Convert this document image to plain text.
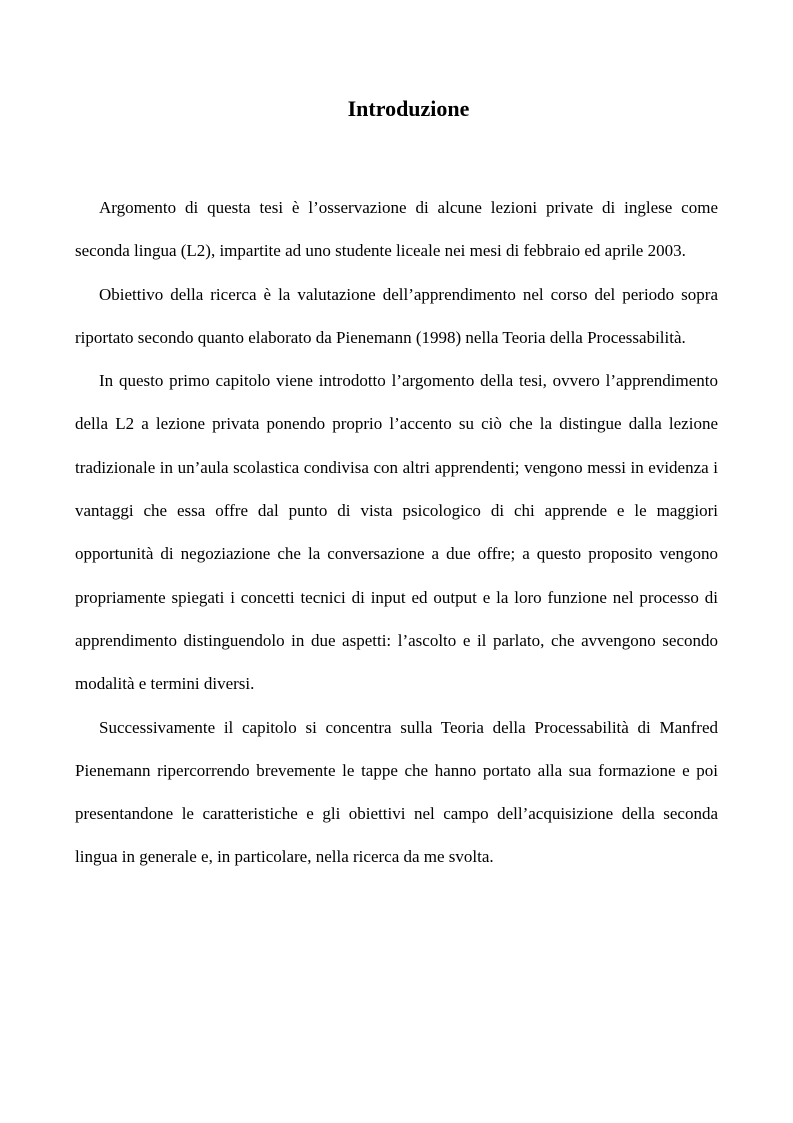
Introduzione

Argomento di questa tesi è l’osservazione di alcune lezioni private di inglese come seconda lingua (L2), impartite ad uno studente liceale nei mesi di febbraio ed aprile 2003.

Obiettivo della ricerca è la valutazione dell’apprendimento nel corso del periodo sopra riportato secondo quanto elaborato da Pienemann (1998) nella Teoria della Processabilità.

In questo primo capitolo viene introdotto l’argomento della tesi, ovvero l’apprendimento della L2 a lezione privata ponendo proprio l’accento su ciò che la distingue dalla lezione tradizionale in un’aula scolastica condivisa con altri apprendenti; vengono messi in evidenza i vantaggi che essa offre dal punto di vista psicologico di chi apprende e le maggiori opportunità di negoziazione che la conversazione a due offre; a questo proposito vengono propriamente spiegati i concetti tecnici di input ed output e la loro funzione nel processo di apprendimento distinguendolo in due aspetti: l’ascolto e il parlato, che avvengono secondo modalità e termini diversi.

Successivamente il capitolo si concentra sulla Teoria della Processabilità di Manfred Pienemann ripercorrendo brevemente le tappe che hanno portato alla sua formazione e poi presentandone le caratteristiche e gli obiettivi nel campo dell’acquisizione della seconda lingua in generale e, in particolare, nella ricerca da me svolta.
